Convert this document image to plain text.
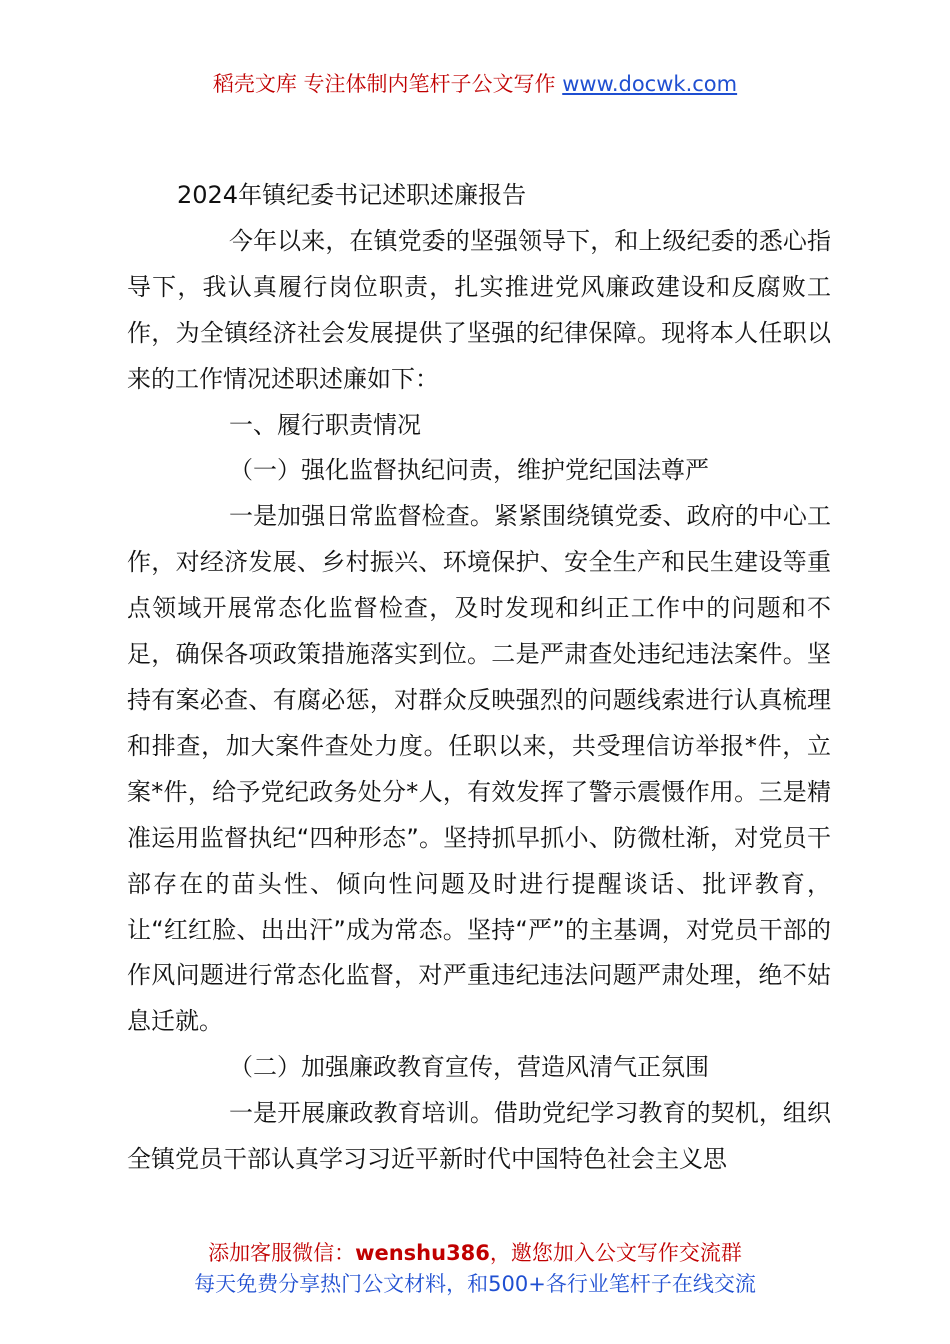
稻壳文库 专注体制内笔杆子公文写作 www.docwk.com

2024年镇纪委书记述职述廉报告

今年以来，在镇党委的坚强领导下，和上级纪委的悉心指导下，我认真履行岗位职责，扎实推进党风廉政建设和反腐败工作，为全镇经济社会发展提供了坚强的纪律保障。现将本人任职以来的工作情况述职述廉如下：

一、履行职责情况

（一）强化监督执纪问责，维护党纪国法尊严

一是加强日常监督检查。紧紧围绕镇党委、政府的中心工作，对经济发展、乡村振兴、环境保护、安全生产和民生建设等重点领域开展常态化监督检查，及时发现和纠正工作中的问题和不足，确保各项政策措施落实到位。二是严肃查处违纪违法案件。坚持有案必查、有腐必惩，对群众反映强烈的问题线索进行认真梳理和排查，加大案件查处力度。任职以来，共受理信访举报*件，立案*件，给予党纪政务处分*人，有效发挥了警示震慑作用。三是精准运用监督执纪“四种形态”。坚持抓早抓小、防微杜渐，对党员干部存在的苗头性、倾向性问题及时进行提醒谈话、批评教育，让“红红脸、出出汗”成为常态。坚持“严”的主基调，对党员干部的作风问题进行常态化监督，对严重违纪违法问题严肃处理，绝不姑息迁就。

（二）加强廉政教育宣传，营造风清气正氛围

一是开展廉政教育培训。借助党纪学习教育的契机，组织全镇党员干部认真学习习近平新时代中国特色社会主义思

添加客服微信：wenshu386，邀您加入公文写作交流群
每天免费分享热门公文材料，和500+各行业笔杆子在线交流
